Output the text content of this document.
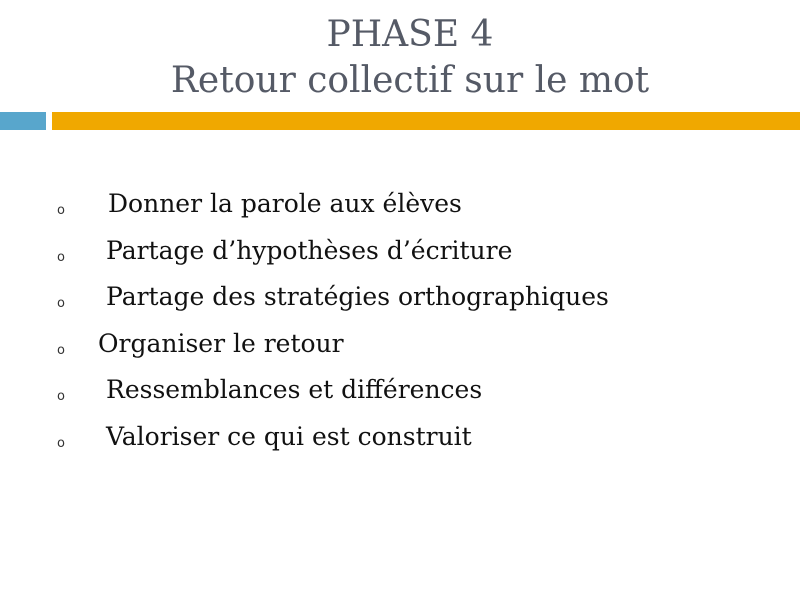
PHASE 4
Retour collectif sur le mot
o Donner la parole aux élèves
o Partage d’hypothèses d’écriture
o Partage des stratégies orthographiques
o Organiser le retour
o Ressemblances et différences
o Valoriser ce qui est construit
